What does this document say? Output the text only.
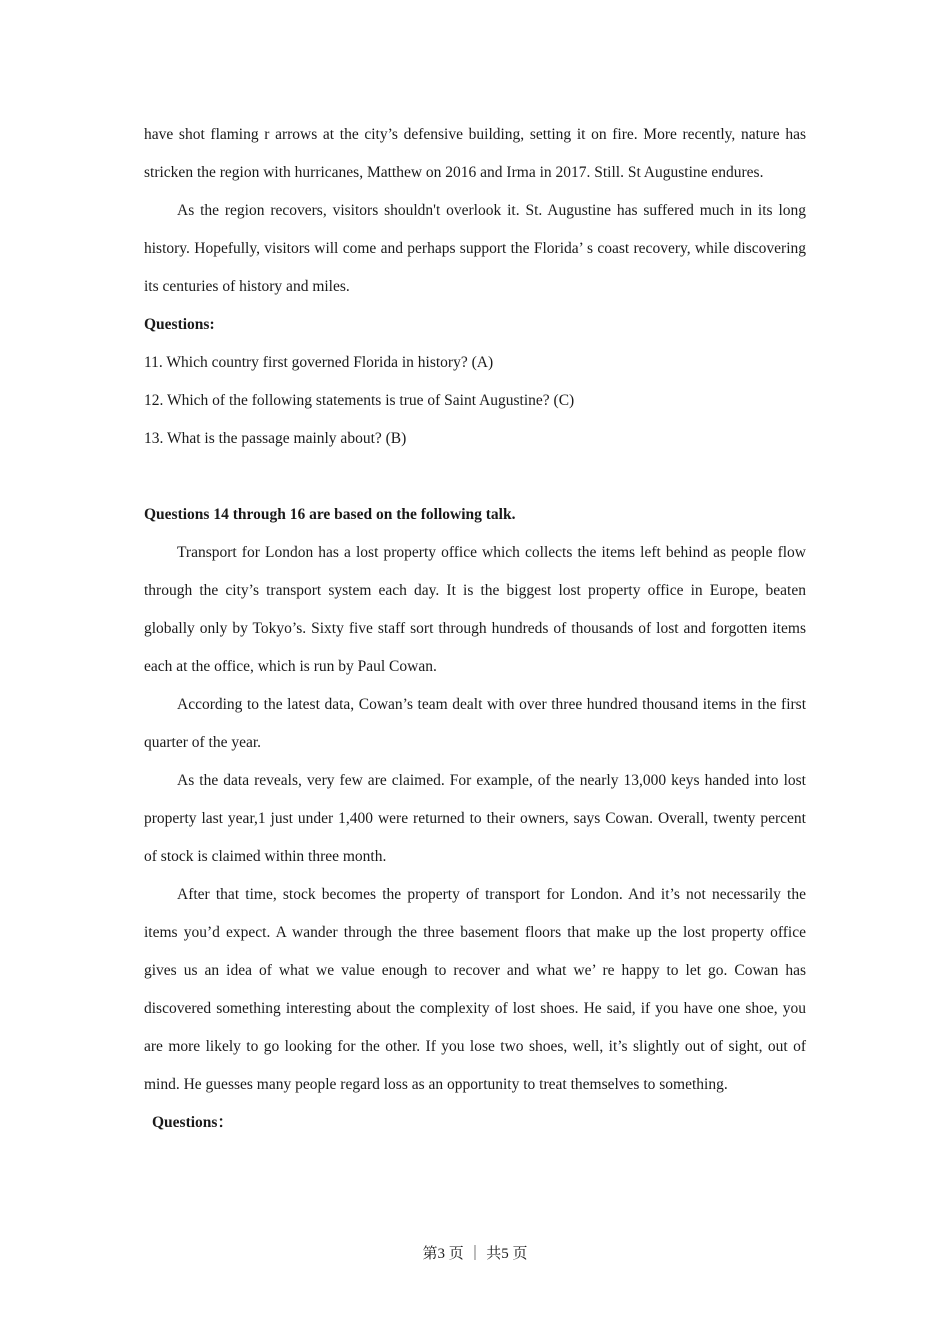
have shot flaming r arrows at the city’s defensive building, setting it on fire. More recently, nature has stricken the region with hurricanes, Matthew on 2016 and Irma in 2017. Still. St Augustine endures.

As the region recovers, visitors shouldn't overlook it. St. Augustine has suffered much in its long history. Hopefully, visitors will come and perhaps support the Florida’ s coast recovery, while discovering its centuries of history and miles.

Questions:

11. Which country first governed Florida in history? (A)

12. Which of the following statements is true of Saint Augustine? (C)

13. What is the passage mainly about? (B)

Questions 14 through 16 are based on the following talk.

Transport for London has a lost property office which collects the items left behind as people flow through the city’s transport system each day. It is the biggest lost property office in Europe, beaten globally only by Tokyo’s. Sixty five staff sort through hundreds of thousands of lost and forgotten items each at the office, which is run by Paul Cowan.

According to the latest data, Cowan’s team dealt with over three hundred thousand items in the first quarter of the year.

As the data reveals, very few are claimed. For example, of the nearly 13,000 keys handed into lost property last year,1 just under 1,400 were returned to their owners, says Cowan. Overall, twenty percent of stock is claimed within three month.

After that time, stock becomes the property of transport for London. And it’s not necessarily the items you’d expect. A wander through the three basement floors that make up the lost property office gives us an idea of what we value enough to recover and what we’ re happy to let go. Cowan has discovered something interesting about the complexity of lost shoes. He said, if you have one shoe, you are more likely to go looking for the other. If you lose two shoes, well, it’s slightly out of sight, out of mind. He guesses many people regard loss as an opportunity to treat themselves to something.

Questions：

第3 页 ｜ 共5 页
